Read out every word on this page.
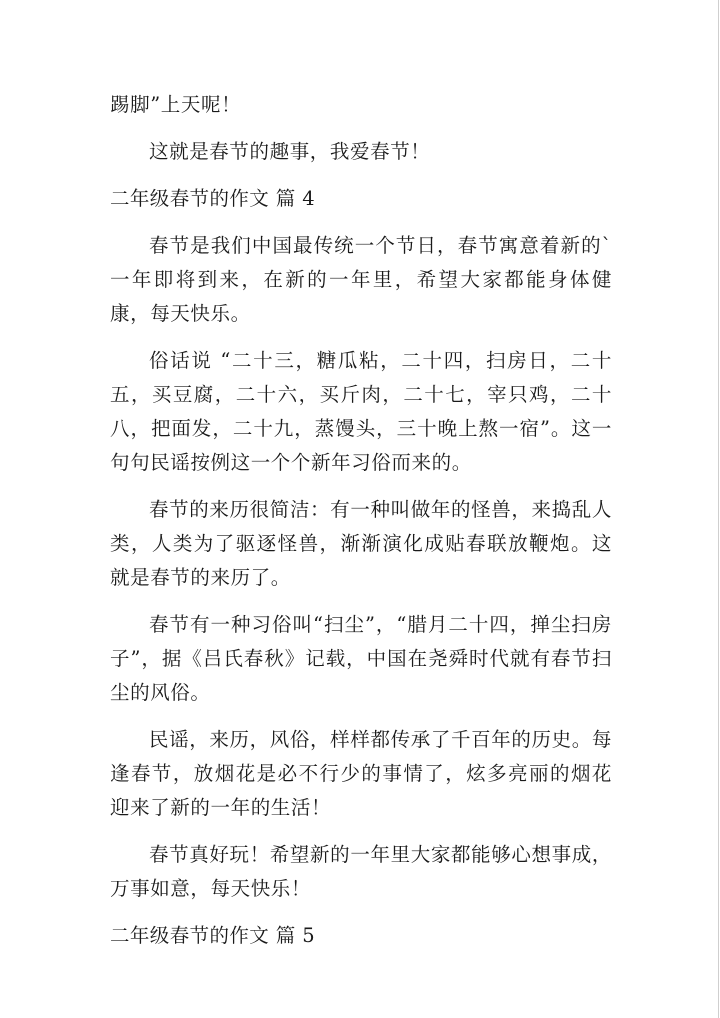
踢脚”上天呢！

这就是春节的趣事，我爱春节！

二年级春节的作文 篇 4

春节是我们中国最传统一个节日，春节寓意着新的`一年即将到来，在新的一年里，希望大家都能身体健康，每天快乐。

俗话说 “二十三，糖瓜粘，二十四，扫房日，二十五，买豆腐，二十六，买斤肉，二十七，宰只鸡，二十八，把面发，二十九，蒸馒头，三十晚上熬一宿”。这一句句民谣按例这一个个新年习俗而来的。

春节的来历很简洁：有一种叫做年的怪兽，来捣乱人类，人类为了驱逐怪兽，渐渐演化成贴春联放鞭炮。这就是春节的来历了。

春节有一种习俗叫“扫尘”，“腊月二十四，掸尘扫房子”，据《吕氏春秋》记载，中国在尧舜时代就有春节扫尘的风俗。

民谣，来历，风俗，样样都传承了千百年的历史。每逢春节，放烟花是必不行少的事情了，炫多亮丽的烟花迎来了新的一年的生活！

春节真好玩！希望新的一年里大家都能够心想事成，万事如意，每天快乐！

二年级春节的作文 篇 5
